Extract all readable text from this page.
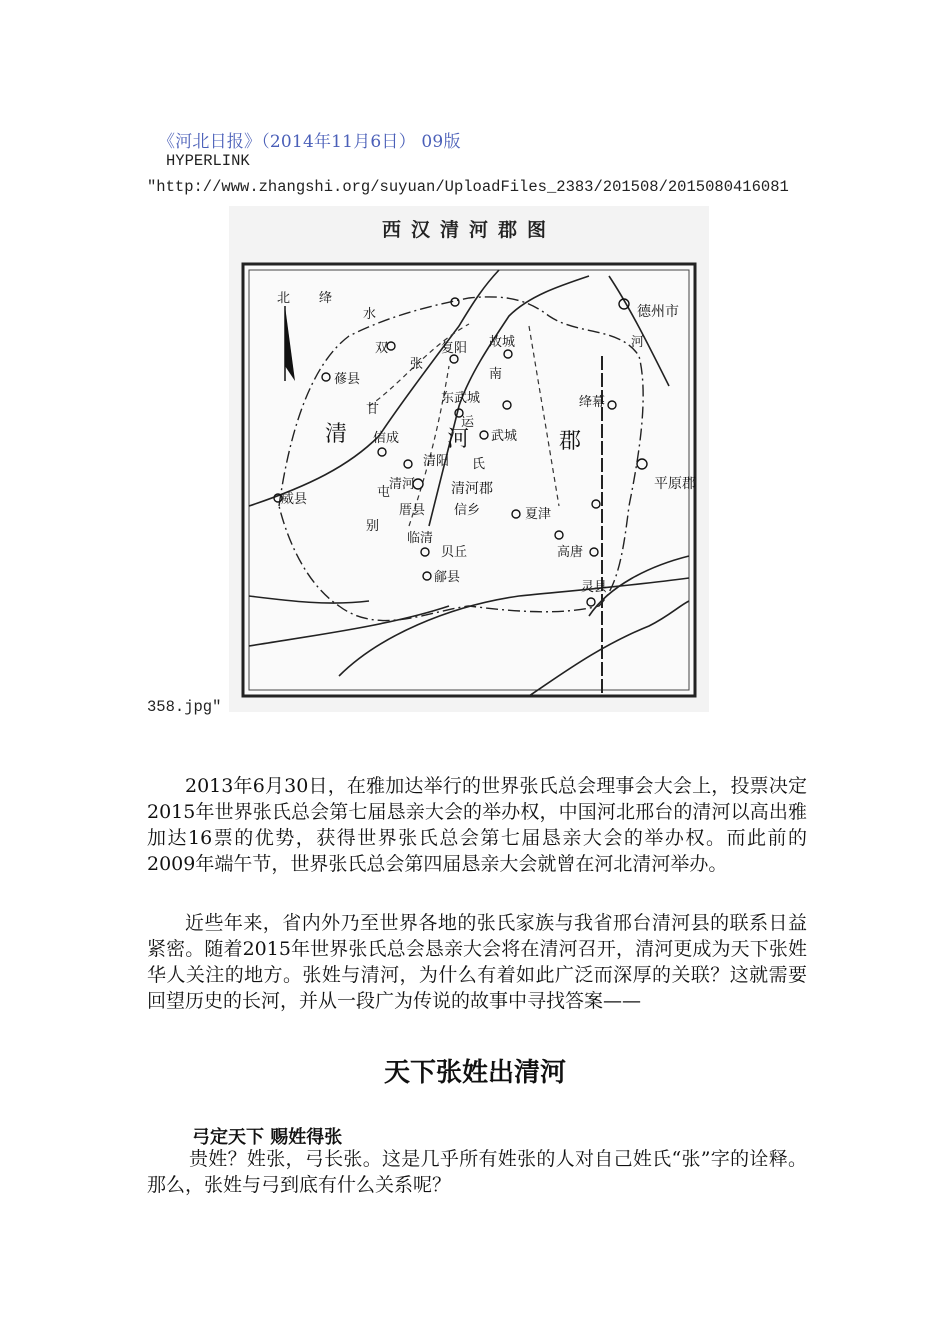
《河北日报》（2014年11月6日） 09版
HYPERLINK
"http://www.zhangshi.org/suyuan/UploadFiles_2383/201508/2015080416081
西汉清河郡图
德州市
平原郡
清河郡
清	河	郡
故城
东武城
武城
清河
清阳
夏津
高唐
灵县
威县
临清
贝丘
鄃县
信乡
厝县
信成
复阳
蓚县
北
甘
绛
水
张
屯
氏
别
河
运
绛幕
双
南
358.jpg"

2013年6月30日，在雅加达举行的世界张氏总会理事会大会上，投票决定2015年世界张氏总会第七届恳亲大会的举办权，中国河北邢台的清河以高出雅加达16票的优势，获得世界张氏总会第七届恳亲大会的举办权。而此前的2009年端午节，世界张氏总会第四届恳亲大会就曾在河北清河举办。

近些年来，省内外乃至世界各地的张氏家族与我省邢台清河县的联系日益紧密。随着2015年世界张氏总会恳亲大会将在清河召开，清河更成为天下张姓华人关注的地方。张姓与清河，为什么有着如此广泛而深厚的关联？这就需要回望历史的长河，并从一段广为传说的故事中寻找答案——

天下张姓出清河
弓定天下 赐姓得张

贵姓？姓张，弓长张。这是几乎所有姓张的人对自己姓氏“张”字的诠释。那么，张姓与弓到底有什么关系呢？
